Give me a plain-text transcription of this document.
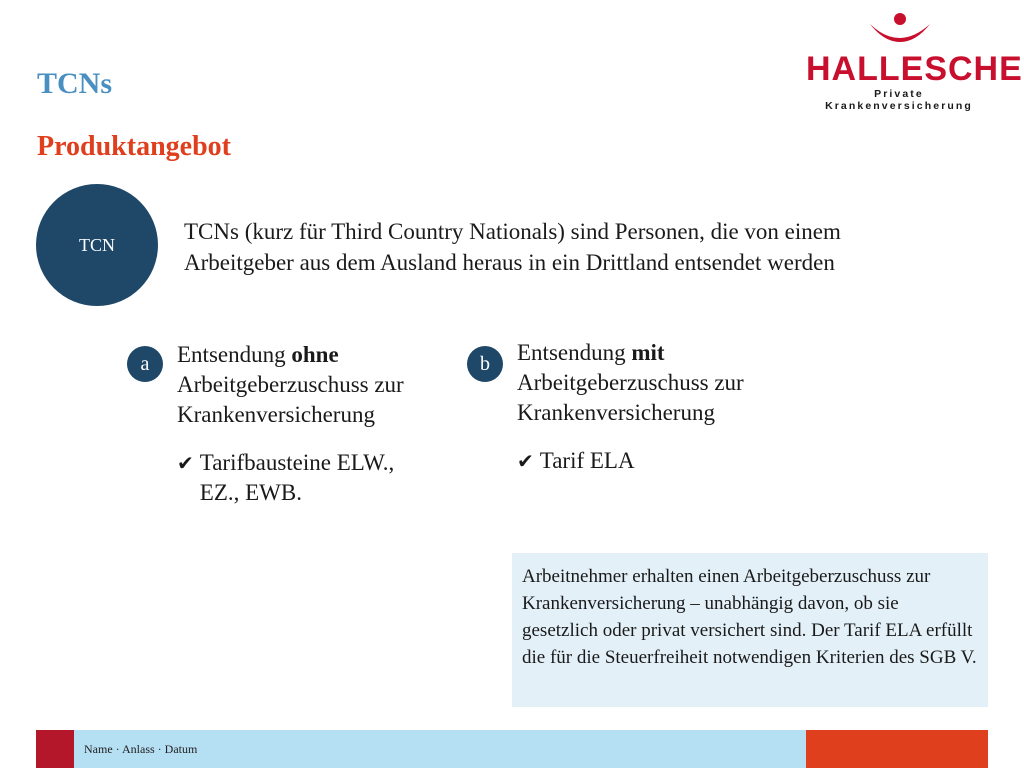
HALLESCHE
Private Krankenversicherung
TCNs
Produktangebot
TCN
TCNs (kurz für Third Country Nationals) sind Personen, die von einem Arbeitgeber aus dem Ausland heraus in ein Drittland entsendet werden
a Entsendung ohne Arbeitgeberzuschuss zur Krankenversicherung
✔ Tarifbausteine ELW., EZ., EWB.
b Entsendung mit Arbeitgeberzuschuss zur Krankenversicherung
✔ Tarif ELA
Arbeitnehmer erhalten einen Arbeitgeberzuschuss zur Krankenversicherung – unabhängig davon, ob sie gesetzlich oder privat versichert sind. Der Tarif ELA erfüllt die für die Steuerfreiheit notwendigen Kriterien des SGB V.
Name · Anlass · Datum
